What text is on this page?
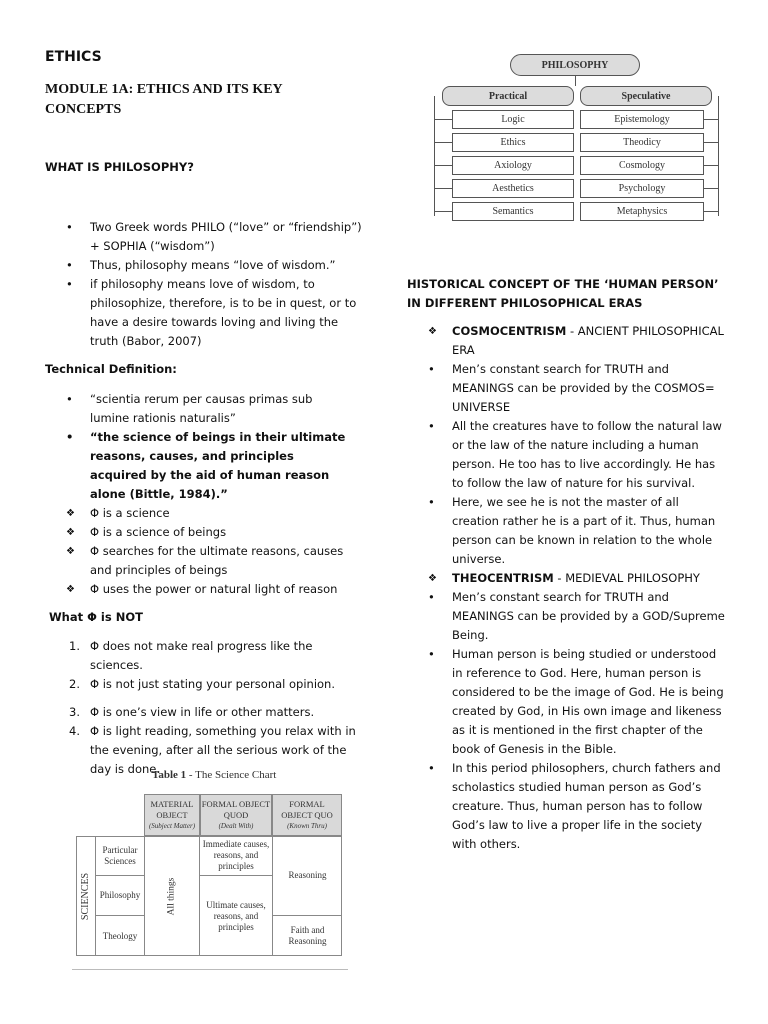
ETHICS
MODULE 1A: ETHICS AND ITS KEY CONCEPTS
WHAT IS PHILOSOPHY?
• Two Greek words PHILO (“love” or “friendship”) + SOPHIA (“wisdom”)
• Thus, philosophy means “love of wisdom.”
• if philosophy means love of wisdom, to philosophize, therefore, is to be in quest, or to have a desire towards loving and living the truth (Babor, 2007)
Technical Definition:
• “scientia rerum per causas primas sub lumine rationis naturalis”
• “the science of beings in their ultimate reasons, causes, and principles acquired by the aid of human reason alone (Bittle, 1984).”
❖ Φ is a science
❖ Φ is a science of beings
❖ Φ searches for the ultimate reasons, causes and principles of beings
❖ Φ uses the power or natural light of reason
What Φ is NOT
1. Φ does not make real progress like the sciences.
2. Φ is not just stating your personal opinion.
3. Φ is one’s view in life or other matters.
4. Φ is light reading, something you relax with in the evening, after all the serious work of the day is done.
Table 1 - The Science Chart
MATERIAL OBJECT
(Subject Matter)
FORMAL OBJECT QUOD
(Dealt With)
FORMAL OBJECT QUO
(Known Thru)
SCIENCES
Particular Sciences
Philosophy
Theology
All things
Immediate causes, reasons, and principles
Ultimate causes, reasons, and principles
Reasoning
Faith and Reasoning
PHILOSOPHY
Practical	Speculative
Logic
Ethics
Axiology
Aesthetics
Semantics
Epistemology
Theodicy
Cosmology
Psychology
Metaphysics
HISTORICAL CONCEPT OF THE ‘HUMAN PERSON’ IN DIFFERENT PHILOSOPHICAL ERAS
❖ COSMOCENTRISM - ANCIENT PHILOSOPHICAL ERA
• Men’s constant search for TRUTH and MEANINGS can be provided by the COSMOS= UNIVERSE
• All the creatures have to follow the natural law or the law of the nature including a human person. He too has to live accordingly. He has to follow the law of nature for his survival.
• Here, we see he is not the master of all creation rather he is a part of it. Thus, human person can be known in relation to the whole universe.
❖ THEOCENTRISM - MEDIEVAL PHILOSOPHY
• Men’s constant search for TRUTH and MEANINGS can be provided by a GOD/Supreme Being.
• Human person is being studied or understood in reference to God. Here, human person is considered to be the image of God. He is being created by God, in His own image and likeness as it is mentioned in the first chapter of the book of Genesis in the Bible.
• In this period philosophers, church fathers and scholastics studied human person as God’s creature. Thus, human person has to follow God’s law to live a proper life in the society with others.
